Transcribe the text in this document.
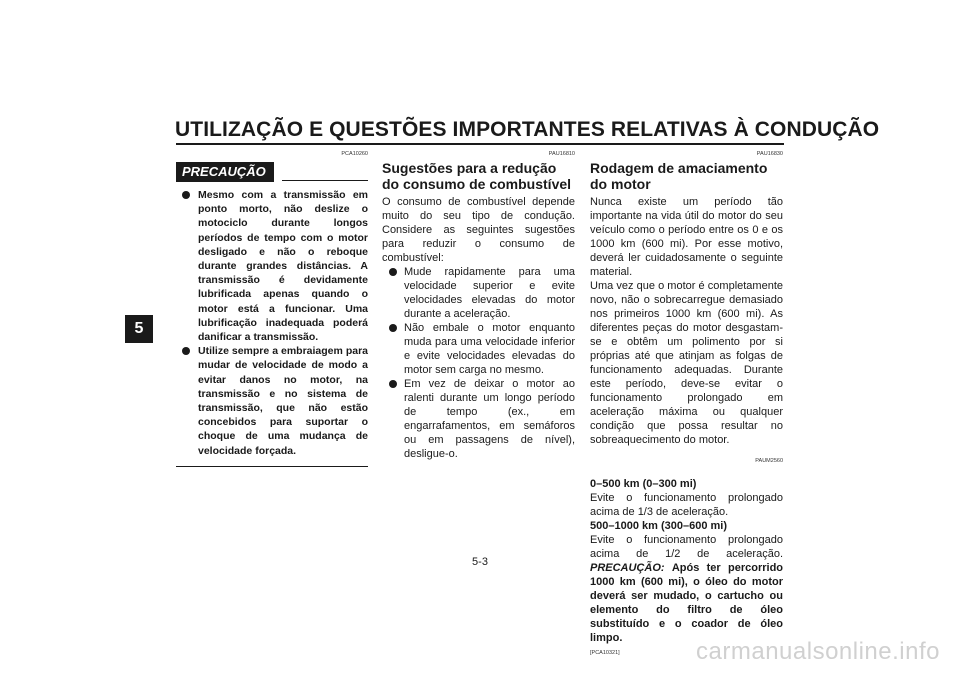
UTILIZAÇÃO E QUESTÕES IMPORTANTES RELATIVAS À CONDUÇÃO
5
PCA10260
PRECAUÇÃO
Mesmo com a transmissão em ponto morto, não deslize o motociclo durante longos períodos de tempo com o motor desligado e não o reboque durante grandes distâncias. A transmissão é devidamente lubrificada apenas quando o motor está a funcionar. Uma lubrificação inadequada poderá danificar a transmissão.
Utilize sempre a embraiagem para mudar de velocidade de modo a evitar danos no motor, na transmissão e no sistema de transmissão, que não estão concebidos para suportar o choque de uma mudança de velocidade forçada.
PAU16810
Sugestões para a redução do consumo de combustível

O consumo de combustível depende muito do seu tipo de condução. Considere as seguintes sugestões para reduzir o consumo de combustível:

Mude rapidamente para uma velocidade superior e evite velocidades elevadas do motor durante a aceleração.
Não embale o motor enquanto muda para uma velocidade inferior e evite velocidades elevadas do motor sem carga no mesmo.
Em vez de deixar o motor ao ralenti durante um longo período de tempo (ex., em engarrafamentos, em semáforos ou em passagens de nível), desligue-o.
PAU16830
Rodagem de amaciamento do motor

Nunca existe um período tão importante na vida útil do motor do seu veículo como o período entre os 0 e os 1000 km (600 mi). Por esse motivo, deverá ler cuidadosamente o seguinte material.

Uma vez que o motor é completamente novo, não o sobrecarregue demasiado nos primeiros 1000 km (600 mi). As diferentes peças do motor desgastam-se e obtêm um polimento por si próprias até que atinjam as folgas de funcionamento adequadas. Durante este período, deve-se evitar o funcionamento prolongado em aceleração máxima ou qualquer condição que possa resultar no sobreaquecimento do motor.

PAUM2560
0–500 km (0–300 mi)

Evite o funcionamento prolongado acima de 1/3 de aceleração.

500–1000 km (300–600 mi)

Evite o funcionamento prolongado acima de 1/2 de aceleração. PRECAUÇÃO: Após ter percorrido 1000 km (600 mi), o óleo do motor deverá ser mudado, o cartucho ou elemento do filtro de óleo substituído e o coador de óleo limpo.

[PCA10321]
5-3
carmanualsonline.info
